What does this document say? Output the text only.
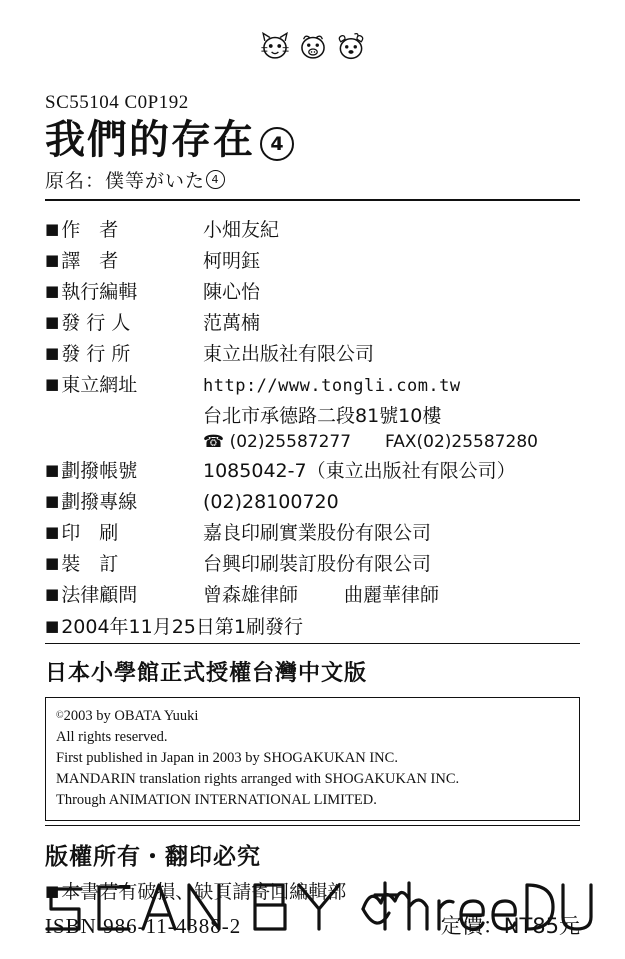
SC55104 C0P192
我們的存在 4
原名：僕等がいた 4
■ 作　者	小畑友紀
■ 譯　者	柯明鈺
■ 執行編輯	陳心怡
■ 發 行 人	范萬楠
■ 發 行 所	東立出版社有限公司
■ 東立網址	http://www.tongli.com.tw
	台北市承德路二段81號10樓

	☎ (02)25587277 FAX(02)25587280

■ 劃撥帳號	1085042-7（東立出版社有限公司）
■ 劃撥專線	(02)28100720
■ 印　刷	嘉良印刷實業股份有限公司
■ 裝　訂	台興印刷裝訂股份有限公司
■ 法律顧問	曾森雄律師 曲麗華律師
■ 2004年11月25日第1刷發行
日本小學館正式授權台灣中文版
©2003 by OBATA Yuuki
All rights reserved.
First published in Japan in 2003 by SHOGAKUKAN INC.
MANDARIN translation rights arranged with SHOGAKUKAN INC.
Through ANIMATION INTERNATIONAL LIMITED.
版權所有・翻印必究
■ 本書若有破損、缺頁請寄回編輯部
ISBN 986-11-4388-2	定價：NT85元
